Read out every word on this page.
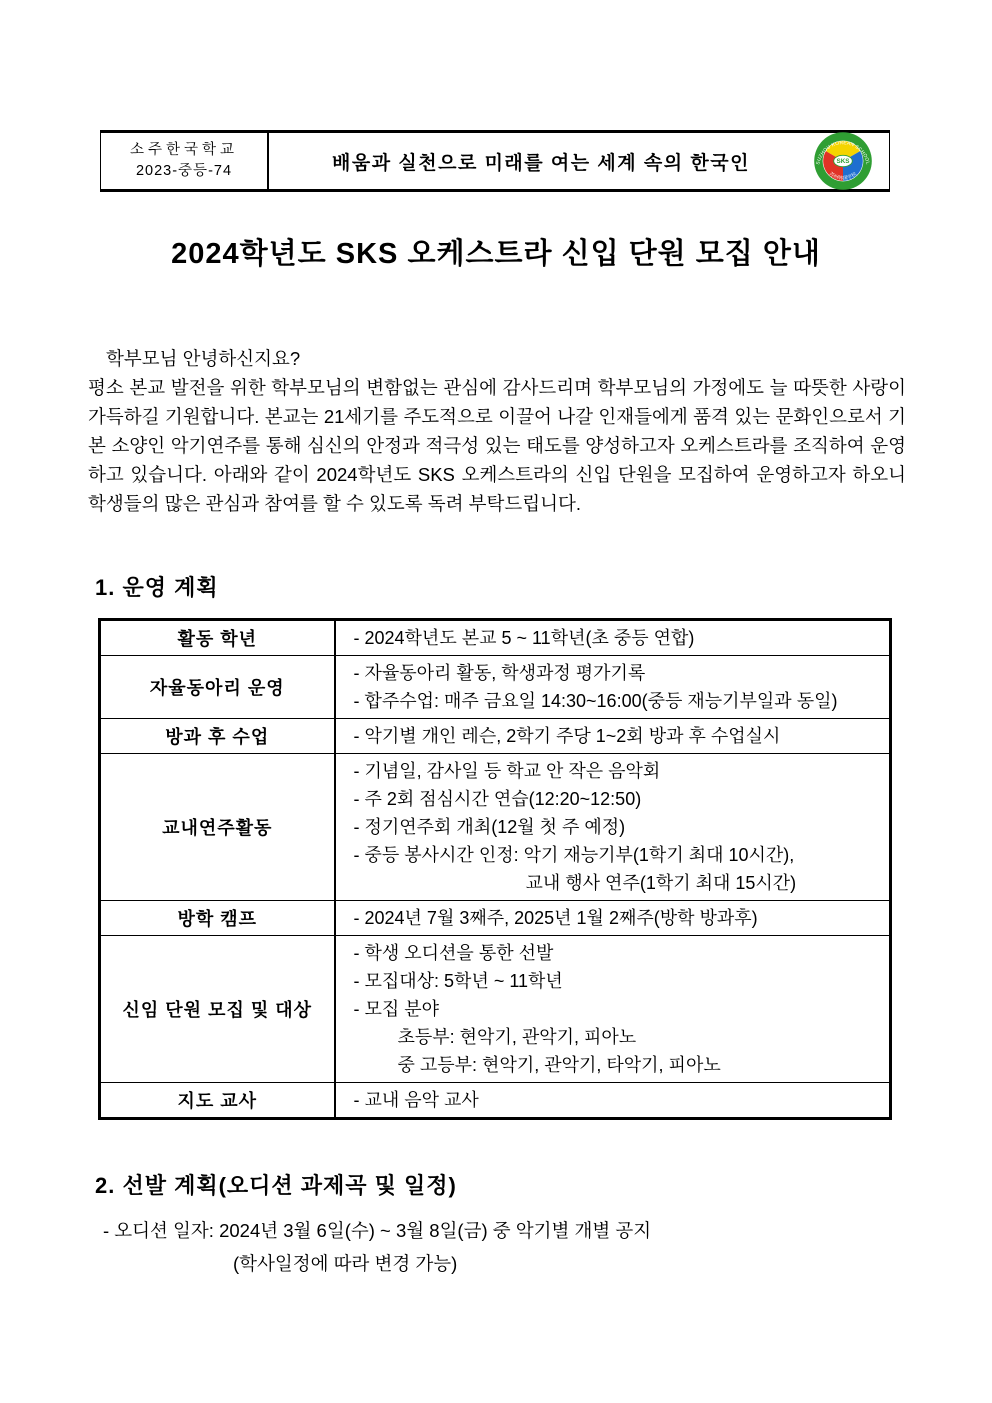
소주한국학교
2023-중등-74	배움과 실천으로 미래를 여는 세계 속의 한국인	SKS
SUZHOU KOREAN SCHOOL
苏州韩国学校
2024학년도 SKS 오케스트라 신입 단원 모집 안내

학부모님 안녕하신지요?
평소 본교 발전을 위한 학부모님의 변함없는 관심에 감사드리며 학부모님의 가정에도 늘 따뜻한 사랑이 가득하길 기원합니다. 본교는 21세기를 주도적으로 이끌어 나갈 인재들에게 품격 있는 문화인으로서 기본 소양인 악기연주를 통해 심신의 안정과 적극성 있는 태도를 양성하고자 오케스트라를 조직하여 운영하고 있습니다. 아래와 같이 2024학년도 SKS 오케스트라의 신입 단원을 모집하여 운영하고자 하오니 학생들의 많은 관심과 참여를 할 수 있도록 독려 부탁드립니다.

1. 운영 계획
활동 학년	- 2024학년도 본교 5 ~ 11학년(초 중등 연합)

자율동아리 운영	- 자율동아리 활동, 학생과정 평가기록
- 합주수업: 매주 금요일 14:30~16:00(중등 재능기부일과 동일)

방과 후 수업	- 악기별 개인 레슨, 2학기 주당 1~2회 방과 후 수업실시

교내연주활동	- 기념일, 감사일 등 학교 안 작은 음악회
- 주 2회 점심시간 연습(12:20~12:50)
- 정기연주회 개최(12월 첫 주 예정)
- 중등 봉사시간 인정: 악기 재능기부(1학기 최대 10시간),
교내 행사 연주(1학기 최대 15시간)

방학 캠프	- 2024년 7월 3째주, 2025년 1월 2째주(방학 방과후)

신임 단원 모집 및 대상	- 학생 오디션을 통한 선발
- 모집대상: 5학년 ~ 11학년
- 모집 분야
초등부: 현악기, 관악기, 피아노
중 고등부: 현악기, 관악기, 타악기, 피아노

지도 교사	- 교내 음악 교사
2. 선발 계획(오디션 과제곡 및 일정)
- 오디션 일자: 2024년 3월 6일(수) ~ 3월 8일(금) 중 악기별 개별 공지
(학사일정에 따라 변경 가능)
